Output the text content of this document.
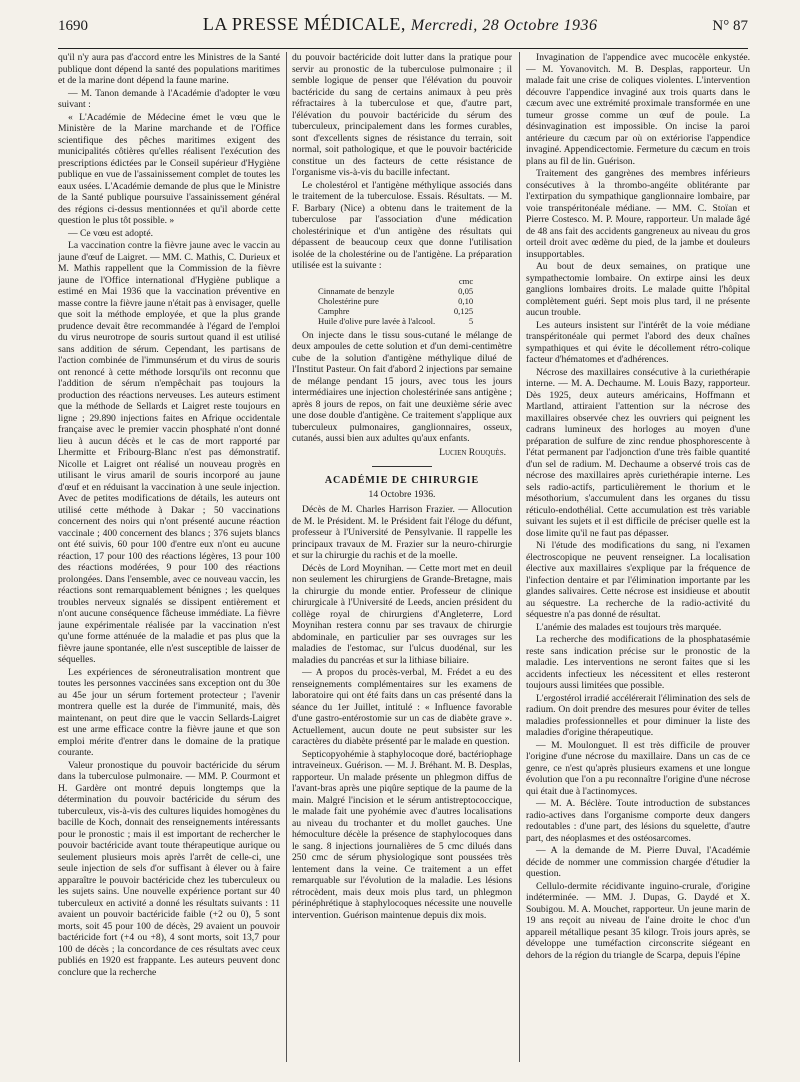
1690	LA PRESSE MÉDICALE, Mercredi, 28 Octobre 1936	N° 87

qu'il n'y aura pas d'accord entre les Ministres de la Santé publique dont dépend la santé des populations maritimes et de la marine dont dépend la faune marine.

— M. Tanon demande à l'Académie d'adopter le vœu suivant :

« L'Académie de Médecine émet le vœu que le Ministère de la Marine marchande et de l'Office scientifique des pêches maritimes exigent des municipalités côtières qu'elles réalisent l'exécution des prescriptions édictées par le Conseil supérieur d'Hygiène publique en vue de l'assainissement complet de toutes les eaux usées. L'Académie demande de plus que le Ministre de la Santé publique poursuive l'assainissement général des régions ci-dessus mentionnées et qu'il aborde cette question le plus tôt possible. »

— Ce vœu est adopté.

La vaccination contre la fièvre jaune avec le vaccin au jaune d'œuf de Laigret. — MM. C. Mathis, C. Durieux et M. Mathis rappellent que la Commission de la fièvre jaune de l'Office international d'Hygiène publique a estimé en Mai 1936 que la vaccination préventive en masse contre la fièvre jaune n'était pas à envisager, quelle que soit la méthode employée, et que la plus grande prudence devait être recommandée à l'égard de l'emploi du virus neurotrope de souris surtout quand il est utilisé sans addition de sérum. Cependant, les partisans de l'action combinée de l'immunsérum et du virus de souris ont renoncé à cette méthode lorsqu'ils ont reconnu que l'addition de sérum n'empêchait pas toujours la production des réactions nerveuses. Les auteurs estiment que la méthode de Sellards et Laigret reste toujours en ligne ; 29.890 injections faites en Afrique occidentale française avec le premier vaccin phosphaté n'ont donné lieu à aucun décès et le cas de mort rapporté par Lhermitte et Fribourg-Blanc n'est pas démonstratif. Nicolle et Laigret ont réalisé un nouveau progrès en utilisant le virus amaril de souris incorporé au jaune d'œuf et en réduisant la vaccination à une seule injection. Avec de petites modifications de détails, les auteurs ont utilisé cette méthode à Dakar ; 50 vaccinations concernent des noirs qui n'ont présenté aucune réaction vaccinale ; 400 concernent des blancs ; 376 sujets blancs ont été suivis, 60 pour 100 d'entre eux n'ont eu aucune réaction, 17 pour 100 des réactions légères, 13 pour 100 des réactions modérées, 9 pour 100 des réactions prolongées. Dans l'ensemble, avec ce nouveau vaccin, les réactions sont remarquablement bénignes ; les quelques troubles nerveux signalés se dissipent entièrement et n'ont aucune conséquence fâcheuse immédiate. La fièvre jaune expérimentale réalisée par la vaccination n'est qu'une forme atténuée de la maladie et pas plus que la fièvre jaune spontanée, elle n'est susceptible de laisser de séquelles.

Les expériences de séroneutralisation montrent que toutes les personnes vaccinées sans exception ont du 30e au 45e jour un sérum fortement protecteur ; l'avenir montrera quelle est la durée de l'immunité, mais, dès maintenant, on peut dire que le vaccin Sellards-Laigret est une arme efficace contre la fièvre jaune et que son emploi mérite d'entrer dans le domaine de la pratique courante.

Valeur pronostique du pouvoir bactéricide du sérum dans la tuberculose pulmonaire. — MM. P. Courmont et H. Gardère ont montré depuis longtemps que la détermination du pouvoir bactéricide du sérum des tuberculeux, vis-à-vis des cultures liquides homogènes du bacille de Koch, donnait des renseignements intéressants pour le pronostic ; mais il est important de rechercher le pouvoir bactéricide avant toute thérapeutique aurique ou seulement plusieurs mois après l'arrêt de celle-ci, une seule injection de sels d'or suffisant à élever ou à faire apparaître le pouvoir bactéricide chez les tuberculeux ou les sujets sains. Une nouvelle expérience portant sur 40 tuberculeux en activité a donné les résultats suivants : 11 avaient un pouvoir bactéricide faible (+2 ou 0), 5 sont morts, soit 45 pour 100 de décès, 29 avaient un pouvoir bactéricide fort (+4 ou +8), 4 sont morts, soit 13,7 pour 100 de décès ; la concordance de ces résultats avec ceux publiés en 1920 est frappante. Les auteurs peuvent donc conclure que la recherche

du pouvoir bactéricide doit lutter dans la pratique pour servir au pronostic de la tuberculose pulmonaire ; il semble logique de penser que l'élévation du pouvoir bactéricide du sang de certains animaux à peu près réfractaires à la tuberculose et que, d'autre part, l'élévation du pouvoir bactéricide du sérum des tuberculeux, principalement dans les formes curables, sont d'excellents signes de résistance du terrain, soit normal, soit pathologique, et que le pouvoir bactéricide constitue un des facteurs de cette résistance de l'organisme vis-à-vis du bacille infectant.

Le cholestérol et l'antigène méthylique associés dans le traitement de la tuberculose. Essais. Résultats. — M. F. Barbary (Nice) a obtenu dans le traitement de la tuberculose par l'association d'une médication cholestérinique et d'un antigène des résultats qui dépassent de beaucoup ceux que donne l'utilisation isolée de la cholestérine ou de l'antigène. La préparation utilisée est la suivante :

	cmc
Cinnamate de benzyle	0,05
Cholestérine pure	0,10
Camphre	0,125
Huile d'olive pure lavée à l'alcool.	5

On injecte dans le tissu sous-cutané le mélange de deux ampoules de cette solution et d'un demi-centimètre cube de la solution d'antigène méthylique dilué de l'Institut Pasteur. On fait d'abord 2 injections par semaine de mélange pendant 15 jours, avec tous les jours intermédiaires une injection cholestérinée sans antigène ; après 8 jours de repos, on fait une deuxième série avec une dose double d'antigène. Ce traitement s'applique aux tuberculeux pulmonaires, ganglionnaires, osseux, cutanés, aussi bien aux adultes qu'aux enfants.

Lucien Rouquès.
ACADÉMIE DE CHIRURGIE
14 Octobre 1936.

Décès de M. Charles Harrison Frazier. — Allocution de M. le Président. M. le Président fait l'éloge du défunt, professeur à l'Université de Pensylvanie. Il rappelle les principaux travaux de M. Frazier sur la neuro-chirurgie et sur la chirurgie du rachis et de la moelle.

Décès de Lord Moynihan. — Cette mort met en deuil non seulement les chirurgiens de Grande-Bretagne, mais la chirurgie du monde entier. Professeur de clinique chirurgicale à l'Université de Leeds, ancien président du collège royal de chirurgiens d'Angleterre, Lord Moynihan restera connu par ses travaux de chirurgie abdominale, en particulier par ses ouvrages sur les maladies de l'estomac, sur l'ulcus duodénal, sur les maladies du pancréas et sur la lithiase biliaire.

— A propos du procès-verbal, M. Frédet a eu des renseignements complémentaires sur les examens de laboratoire qui ont été faits dans un cas présenté dans la séance du 1er Juillet, intitulé : « Influence favorable d'une gastro-entérostomie sur un cas de diabète grave ». Actuellement, aucun doute ne peut subsister sur les caractères du diabète présenté par le malade en question.

Septicopyohémie à staphylocoque doré, bactériophage intraveineux. Guérison. — M. J. Bréhant. M. B. Desplas, rapporteur. Un malade présente un phlegmon diffus de l'avant-bras après une piqûre septique de la paume de la main. Malgré l'incision et le sérum antistreptococcique, le malade fait une pyohémie avec d'autres localisations au niveau du trochanter et du mollet gauches. Une hémoculture décèle la présence de staphylocoques dans le sang. 8 injections journalières de 5 cmc dilués dans 250 cmc de sérum physiologique sont poussées très lentement dans la veine. Ce traitement a un effet remarquable sur l'évolution de la maladie. Les lésions rétrocèdent, mais deux mois plus tard, un phlegmon périnéphrétique à staphylocoques nécessite une nouvelle intervention. Guérison maintenue depuis dix mois.

Invagination de l'appendice avec mucocèle enkystée. — M. Yovanovitch. M. B. Desplas, rapporteur. Un malade fait une crise de coliques violentes. L'intervention découvre l'appendice invaginé aux trois quarts dans le cæcum avec une extrémité proximale transformée en une tumeur grosse comme un œuf de poule. La désinvagination est impossible. On incise la paroi antérieure du cæcum par où on extériorise l'appendice invaginé. Appendicectomie. Fermeture du cæcum en trois plans au fil de lin. Guérison.

Traitement des gangrènes des membres inférieurs consécutives à la thrombo-angéite oblitérante par l'extirpation du sympathique ganglionnaire lombaire, par voie transpéritonéale médiane. — MM. C. Stoïan et Pierre Costesco. M. P. Moure, rapporteur. Un malade âgé de 48 ans fait des accidents gangreneux au niveau du gros orteil droit avec œdème du pied, de la jambe et douleurs insupportables.

Au bout de deux semaines, on pratique une sympathectomie lombaire. On extirpe ainsi les deux ganglions lombaires droits. Le malade quitte l'hôpital complètement guéri. Sept mois plus tard, il ne présente aucun trouble.

Les auteurs insistent sur l'intérêt de la voie médiane transpéritonéale qui permet l'abord des deux chaînes sympathiques et qui évite le décollement rétro-colique facteur d'hématomes et d'adhérences.

Nécrose des maxillaires consécutive à la curiethérapie interne. — M. A. Dechaume. M. Louis Bazy, rapporteur. Dès 1925, deux auteurs américains, Hoffmann et Martland, attiraient l'attention sur la nécrose des maxillaires observée chez les ouvriers qui peignent les cadrans lumineux des horloges au moyen d'une préparation de sulfure de zinc rendue phosphorescente à l'état permanent par l'adjonction d'une très faible quantité d'un sel de radium. M. Dechaume a observé trois cas de nécrose des maxillaires après curiethérapie interne. Les sels radio-actifs, particulièrement le thorium et le mésothorium, s'accumulent dans les organes du tissu réticulo-endothélial. Cette accumulation est très variable suivant les sujets et il est difficile de préciser quelle est la dose limite qu'il ne faut pas dépasser.

Ni l'étude des modifications du sang, ni l'examen électroscopique ne peuvent renseigner. La localisation élective aux maxillaires s'explique par la fréquence de l'infection dentaire et par l'élimination importante par les glandes salivaires. Cette nécrose est insidieuse et aboutit au séquestre. La recherche de la radio-activité du séquestre n'a pas donné de résultat.

L'anémie des malades est toujours très marquée.

La recherche des modifications de la phosphatasémie reste sans indication précise sur le pronostic de la maladie. Les interventions ne seront faites que si les accidents infectieux les nécessitent et elles resteront toujours aussi limitées que possible.

L'ergostérol irradié accélérerait l'élimination des sels de radium. On doit prendre des mesures pour éviter de telles maladies professionnelles et pour diminuer la liste des maladies d'origine thérapeutique.

— M. Moulonguet. Il est très difficile de prouver l'origine d'une nécrose du maxillaire. Dans un cas de ce genre, ce n'est qu'après plusieurs examens et une longue évolution que l'on a pu reconnaître l'origine d'une nécrose qui était due à l'actinomyces.

— M. A. Béclère. Toute introduction de substances radio-actives dans l'organisme comporte deux dangers redoutables : d'une part, des lésions du squelette, d'autre part, des néoplasmes et des ostéosarcomes.

— A la demande de M. Pierre Duval, l'Académie décide de nommer une commission chargée d'étudier la question.

Cellulo-dermite récidivante inguino-crurale, d'origine indéterminée. — MM. J. Dupas, G. Daydé et X. Soubigou. M. A. Mouchet, rapporteur. Un jeune marin de 19 ans reçoit au niveau de l'aine droite le choc d'un appareil métallique pesant 35 kilogr. Trois jours après, se développe une tuméfaction circonscrite siégeant en dehors de la région du triangle de Scarpa, depuis l'épine
